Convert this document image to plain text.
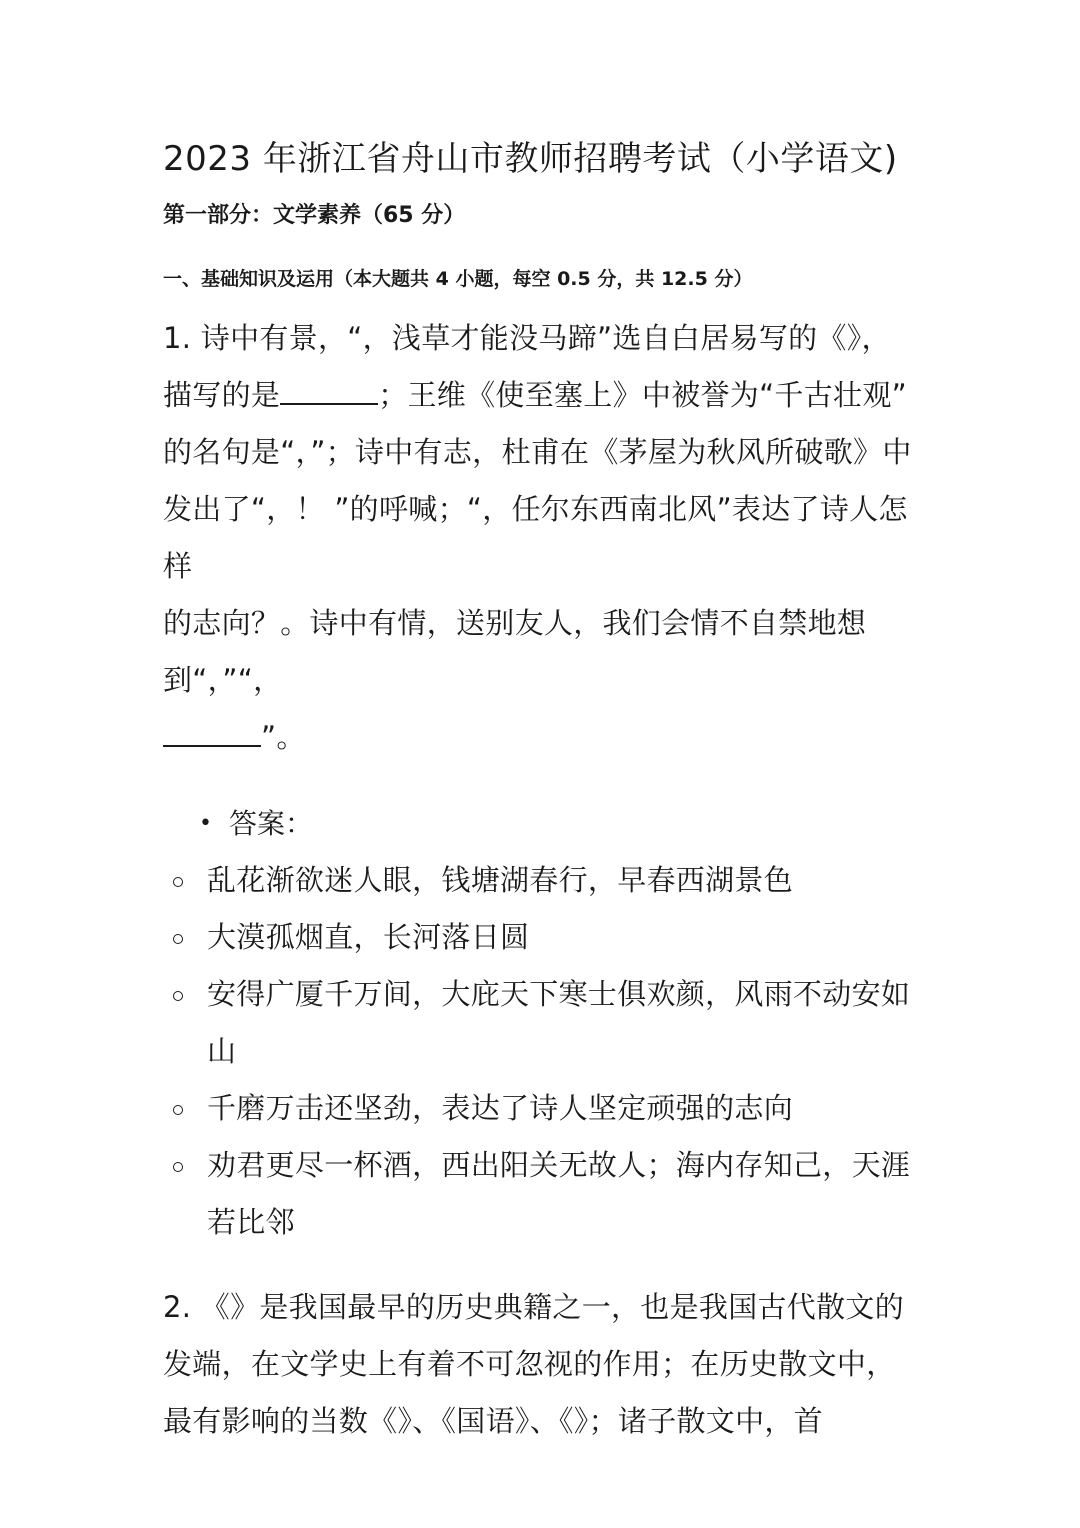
2023 年浙江省舟山市教师招聘考试（小学语文)

第一部分：文学素养（65 分）

一、基础知识及运用（本大题共 4 小题，每空 0.5 分，共 12.5 分）

1. 诗中有景，“，浅草才能没马蹄”选自白居易写的《》，
描写的是	；王维《使至塞上》中被誉为“千古壮观”
的名句是“，”；诗中有志，杜甫在《茅屋为秋风所破歌》中
发出了“，！ ”的呼喊；“，任尔东西南北风”表达了诗人怎样
的志向？。诗中有情，送别友人，我们会情不自禁地想到“，”“，
”。
• 答案：
乱花渐欲迷人眼，钱塘湖春行，早春西湖景色
大漠孤烟直，长河落日圆
安得广厦千万间，大庇天下寒士俱欢颜，风雨不动安如山
千磨万击还坚劲，表达了诗人坚定顽强的志向
劝君更尽一杯酒，西出阳关无故人；海内存知己，天涯若比邻
2. 《》是我国最早的历史典籍之一，也是我国古代散文的
发端，在文学史上有着不可忽视的作用；在历史散文中，
最有影响的当数《》、《国语》、《》；诸子散文中，首
